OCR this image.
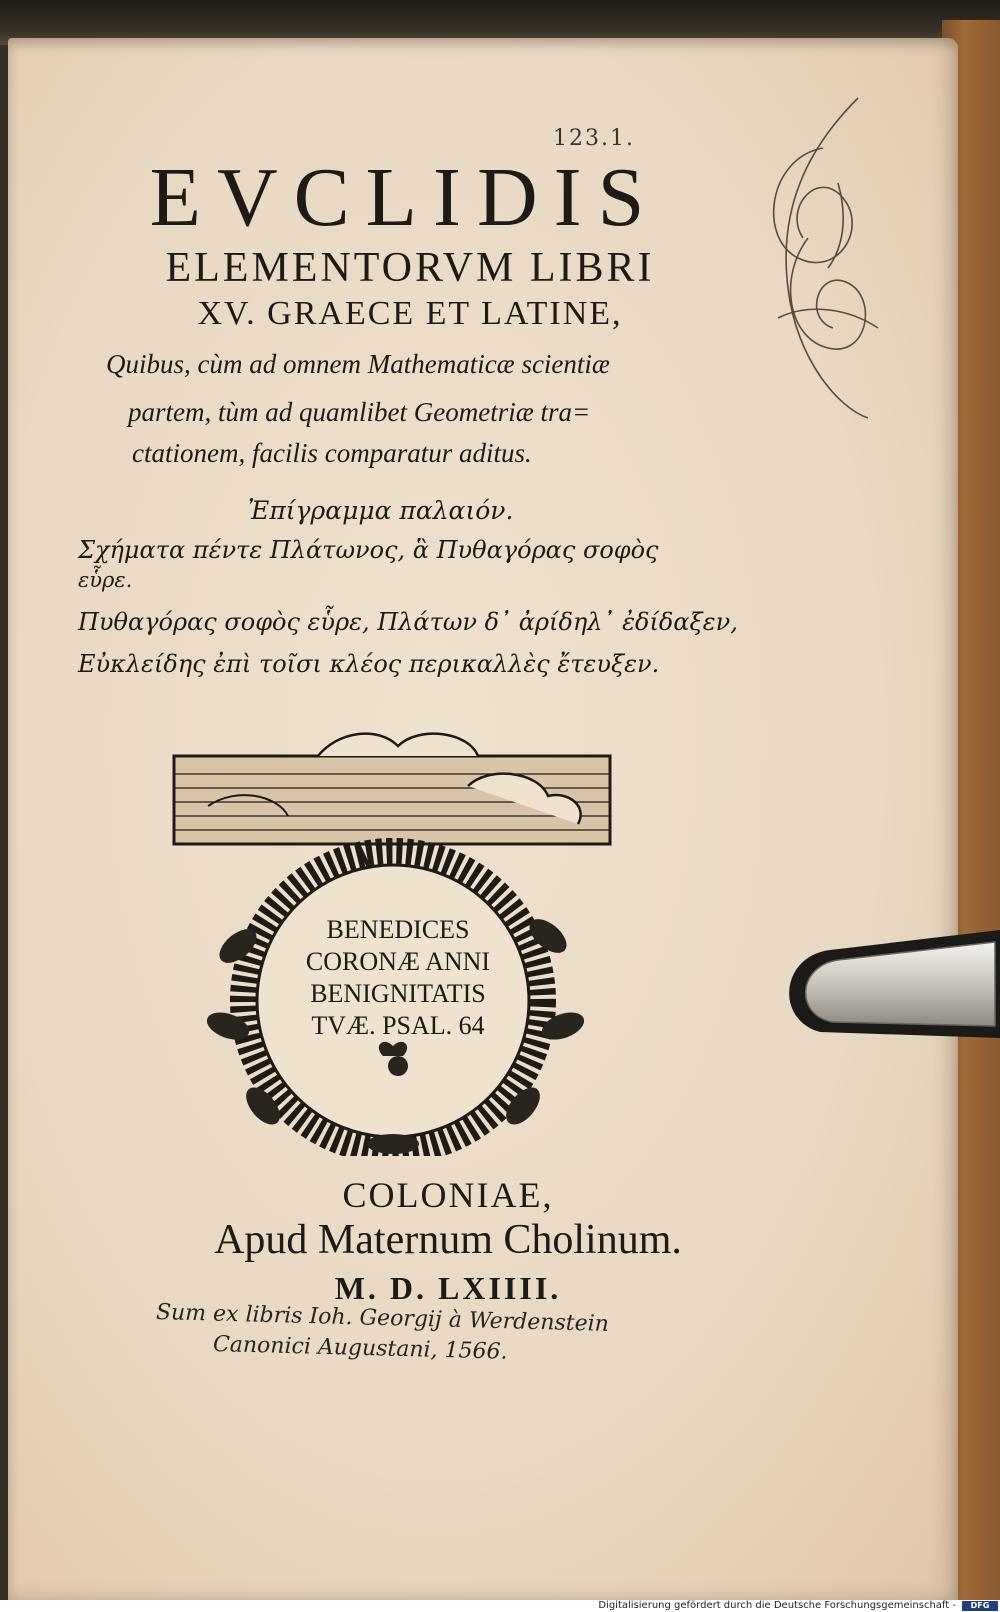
123.1.
EVCLIDIS
ELEMENTORVM LIBRI
XV. GRAECE ET LATINE,
Quibus, cùm ad omnem Mathematicæ scientiæ
partem, tùm ad quamlibet Geometriæ tra=
ctationem, facilis comparatur aditus.
Ἐπίγραμμα παλαιόν.
Σχήματα πέντε Πλάτωνος, ἃ Πυθαγόρας σοφὸς
εὗρε.
Πυθαγόρας σοφὸς εὗρε, Πλάτων δ᾽ ἀρίδηλ᾽ ἐδίδαξεν,
Εὐκλείδης ἐπὶ τοῖσι κλέος περικαλλὲς ἔτευξεν.
BENEDICES
CORONÆ ANNI
BENIGNITATIS
TVÆ. PSAL. 64
COLONIAE,
Apud Maternum Cholinum.
M. D. LXIIII.
Sum ex libris Ioh. Georgij à Werdenstein
Canonici Augustani, 1566.
Digitalisierung gefördert durch die Deutsche Forschungsgemeinschaft -	DFG
